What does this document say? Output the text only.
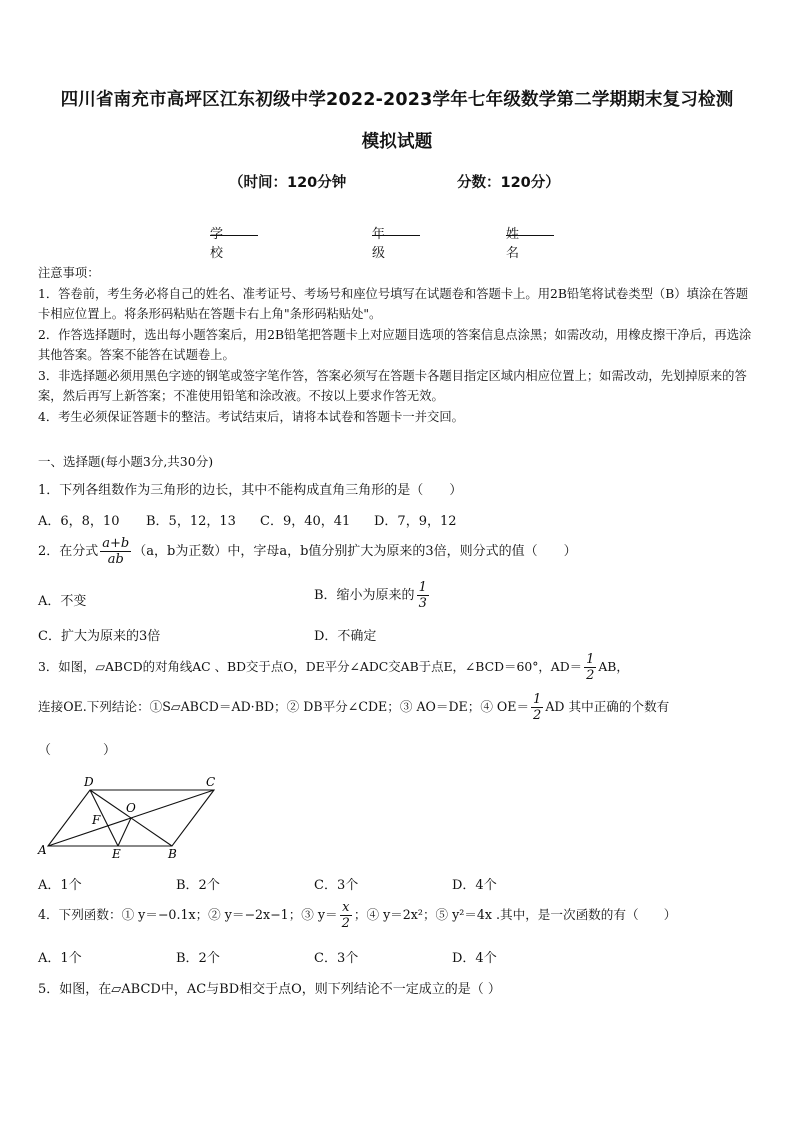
四川省南充市高坪区江东初级中学2022-2023学年七年级数学第二学期期末复习检测
模拟试题
（时间：120分钟	分数：120分）
学校
年级
姓名

注意事项：

1．答卷前，考生务必将自己的姓名、准考证号、考场号和座位号填写在试题卷和答题卡上。用2B铅笔将试卷类型（B）填涂在答题卡相应位置上。将条形码粘贴在答题卡右上角"条形码粘贴处"。

2．作答选择题时，选出每小题答案后，用2B铅笔把答题卡上对应题目选项的答案信息点涂黑；如需改动，用橡皮擦干净后，再选涂其他答案。答案不能答在试题卷上。

3．非选择题必须用黑色字迹的钢笔或签字笔作答，答案必须写在答题卡各题目指定区域内相应位置上；如需改动，先划掉原来的答案，然后再写上新答案；不准使用铅笔和涂改液。不按以上要求作答无效。

4．考生必须保证答题卡的整洁。考试结束后，请将本试卷和答题卡一并交回。

一、选择题(每小题3分,共30分)
1．下列各组数作为三角形的边长，其中不能构成直角三角形的是（　　）
A．6，8，10 B．5，12，13 C．9，40，41 D．7，9，12
2．在分式 $\frac{a+b}{ab} (a$，b为正数）中，字母a，b值分别扩大为原来的3倍，则分式的值（　　）
A．不变	B．缩小为原来的 $\frac{1}{3}$
C．扩大为原来的3倍	D．不确定
3．如图，▱ABCD的对角线AC 、BD交于点O，DE平分∠ADC交AB于点E，∠BCD＝60°，$AD= \frac{1}{2}$ AB，
连接OE.下列结论：①S▱ABCD＝AD·BD；② DB平分∠CDE；③ AO＝DE；④ $OE= \frac{1}{2}$ AD 其中正确的个数有
（　　　　）
D	C
O
F
A	E	B
A．1个	B．2个	C．3个	D．4个
4．下列函数：① y＝−0.1x；② y＝−2x−1；③ $y= \frac{x}{2}$ ；④ y＝2x²；⑤ y²＝4x .其中，是一次函数的有（　　）
A．1个	B．2个	C．3个	D．4个
5．如图，在▱ABCD中，AC与BD相交于点O，则下列结论不一定成立的是（ ）
